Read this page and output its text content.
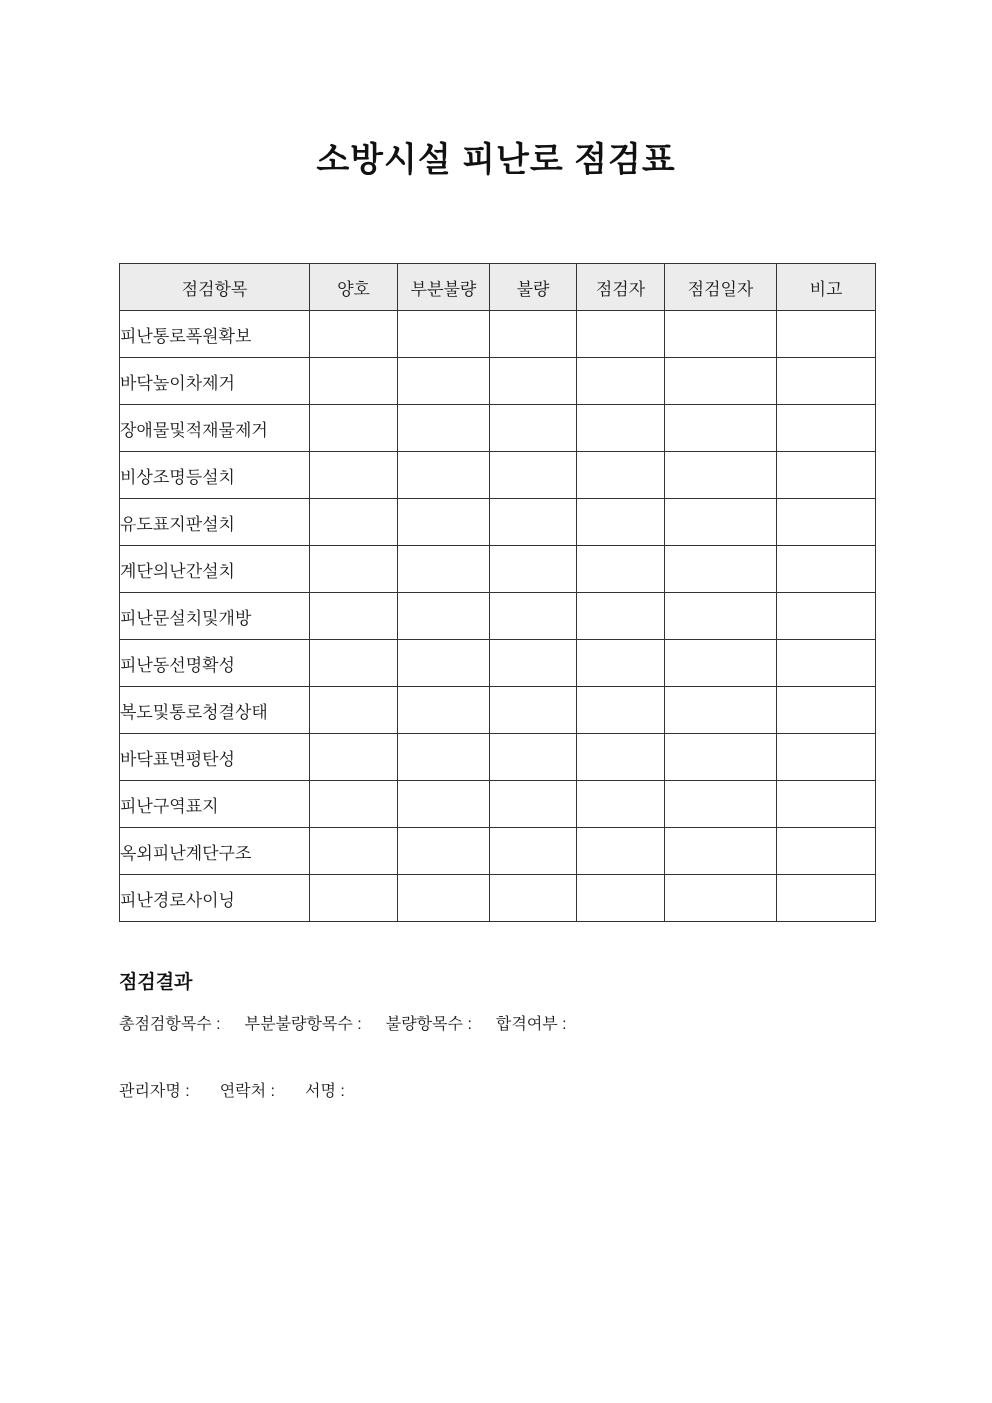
소방시설 피난로 점검표
점검항목	양호	부분불량	불량	점검자	점검일자	비고
피난통로폭원확보						
바닥높이차제거						
장애물및적재물제거						
비상조명등설치						
유도표지판설치						
계단의난간설치						
피난문설치및개방						
피난동선명확성						
복도및통로청결상태						
바닥표면평탄성						
피난구역표지						
옥외피난계단구조						
피난경로사이닝						
점검결과
총점검항목수 : 부분불량항목수 : 불량항목수 : 합격여부 :
관리자명 : 연락처 : 서명 :
